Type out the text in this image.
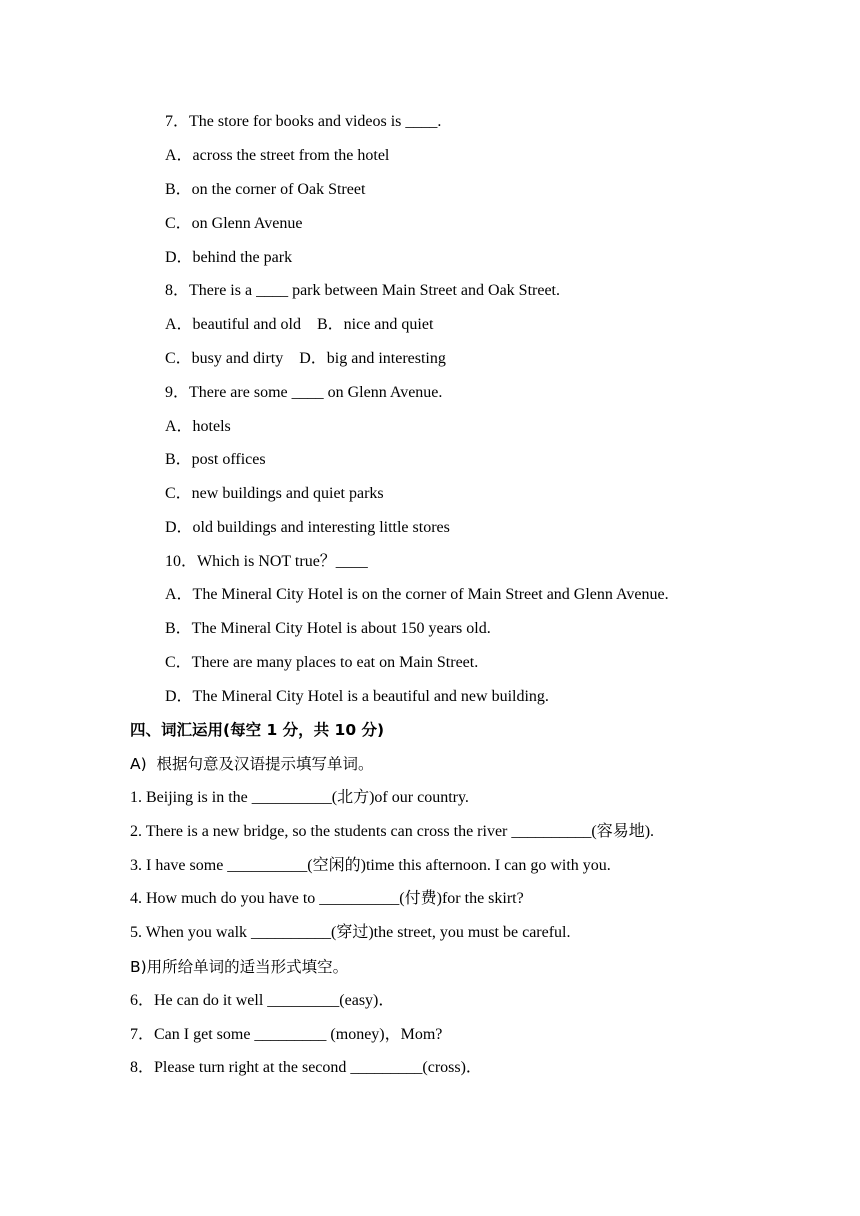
7．The store for books and videos is ____.
A．across the street from the hotel
B．on the corner of Oak Street
C．on Glenn Avenue
D．behind the park
8．There is a ____ park between Main Street and Oak Street.
A．beautiful and old　B．nice and quiet
C．busy and dirty　D．big and interesting
9．There are some ____ on Glenn Avenue.
A．hotels
B．post offices
C．new buildings and quiet parks
D．old buildings and interesting little stores
10．Which is NOT true？____
A．The Mineral City Hotel is on the corner of Main Street and Glenn Avenue.
B．The Mineral City Hotel is about 150 years old.
C．There are many places to eat on Main Street.
D．The Mineral City Hotel is a beautiful and new building.
四、词汇运用(每空 1 分，共 10 分)
A)  根据句意及汉语提示填写单词。
1. Beijing is in the __________(北方)of our country.
2. There is a new bridge, so the students can cross the river __________(容易地).
3. I have some __________(空闲的)time this afternoon. I can go with you.
4. How much do you have to __________(付费)for the skirt?
5. When you walk __________(穿过)the street, you must be careful.
B)用所给单词的适当形式填空。
6．He can do it well _________(easy)．
7．Can I get some _________ (money)，Mom?
8．Please turn right at the second _________(cross)．
